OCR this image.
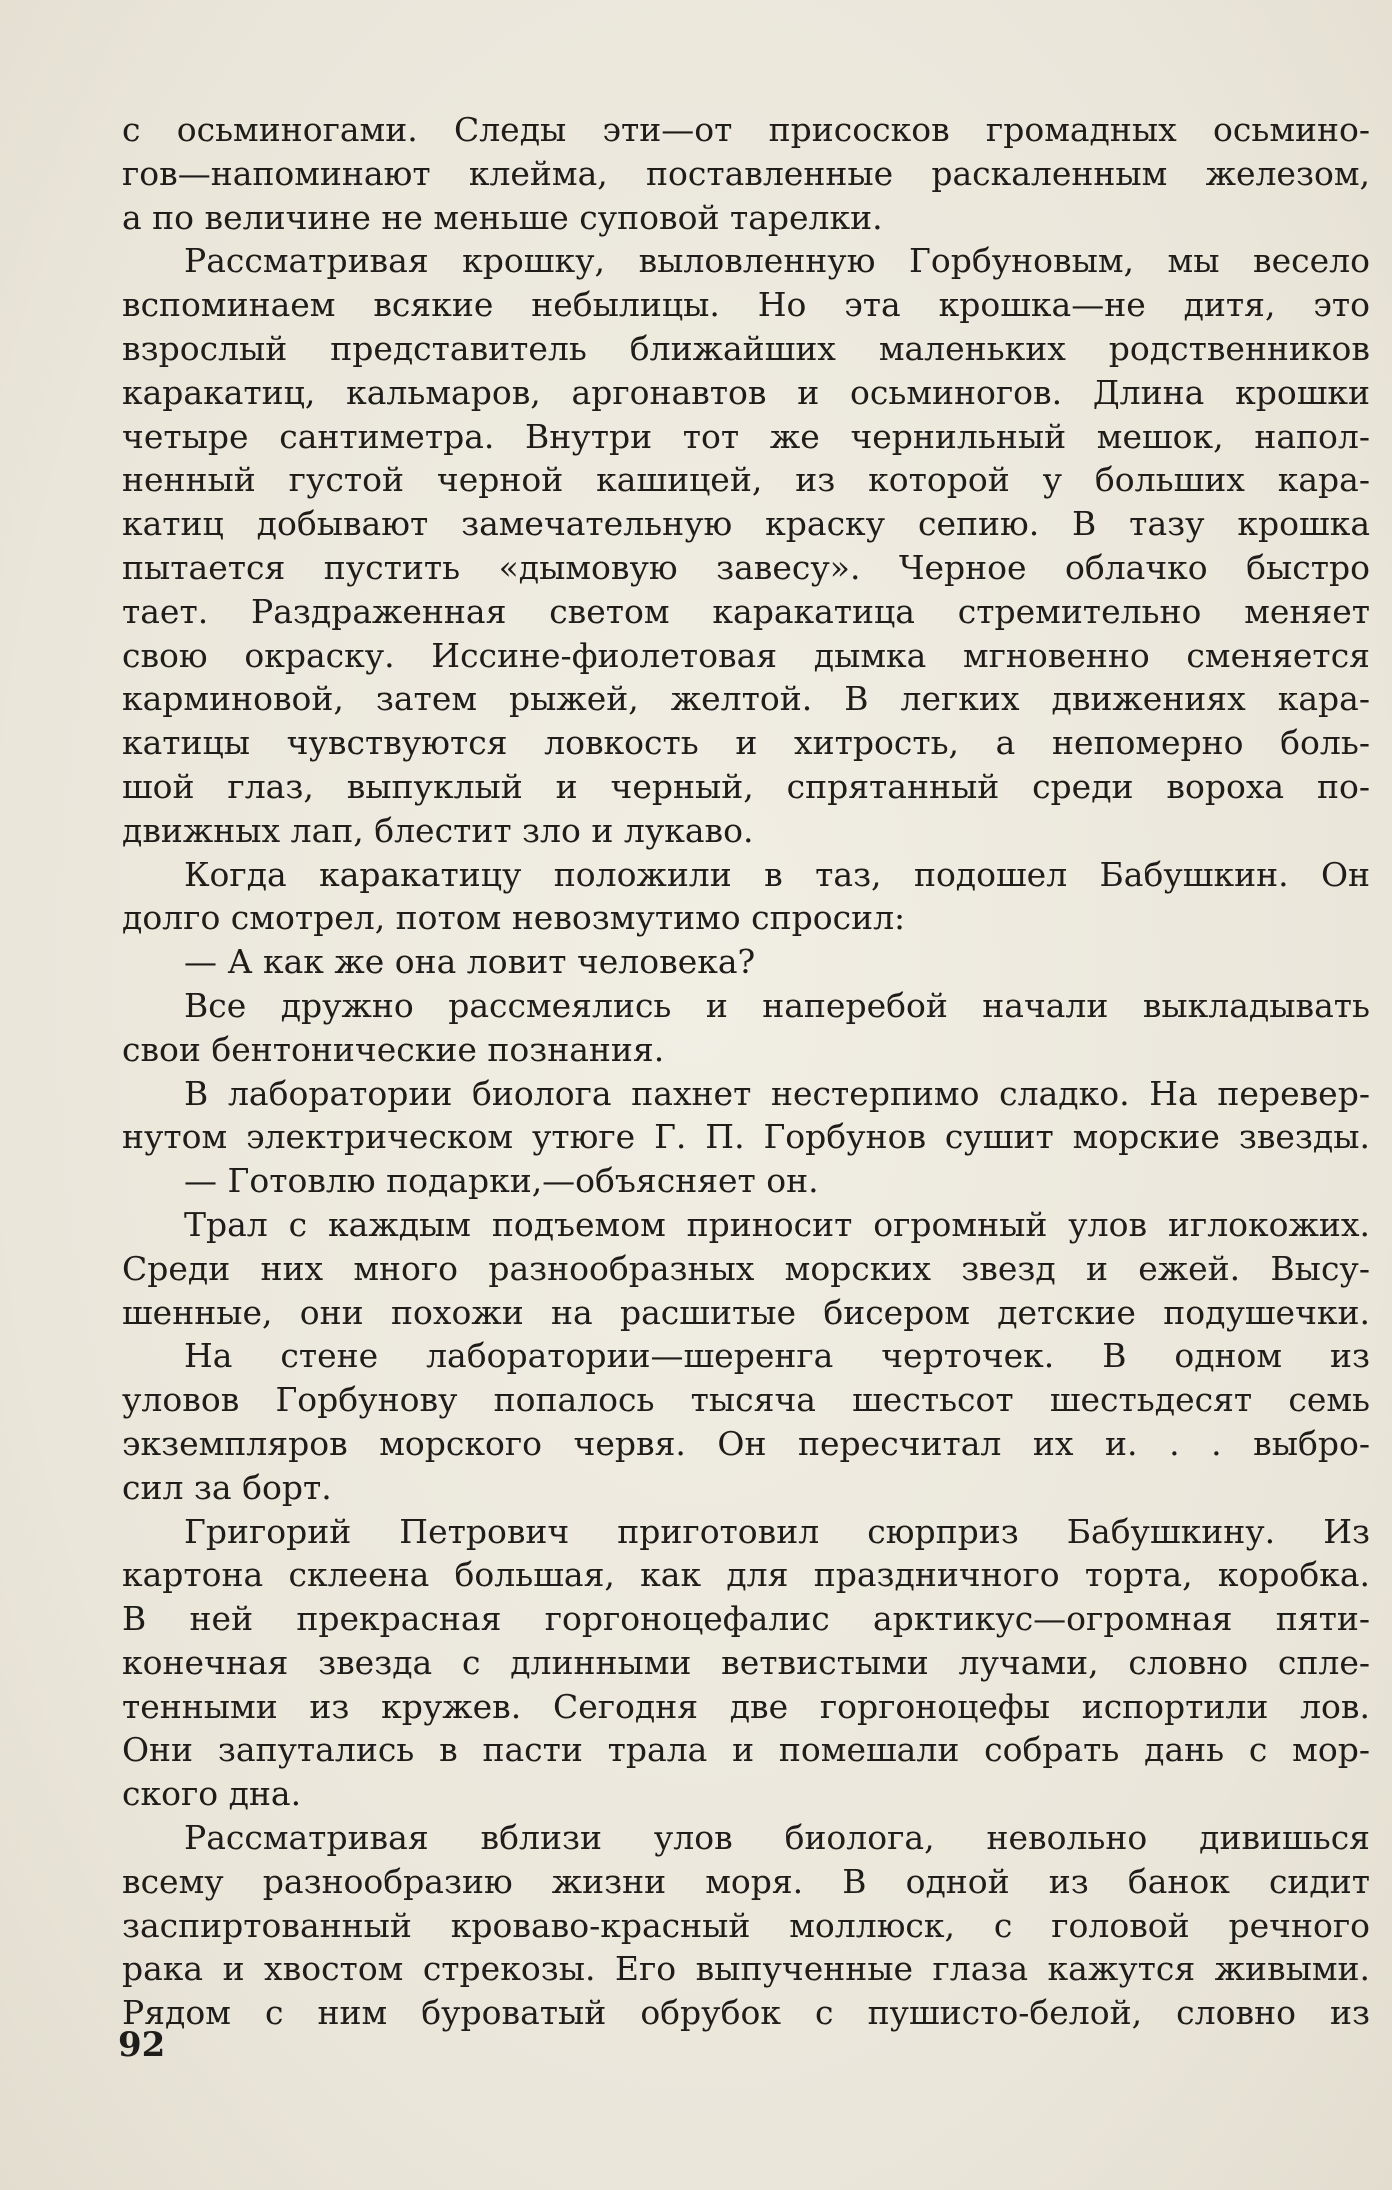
с осьминогами. Следы эти—от присосков громадных осьмино-
гов—напоминают клейма, поставленные раскаленным железом,
а по величине не меньше суповой тарелки.
Рассматривая крошку, выловленную Горбуновым, мы весело
вспоминаем всякие небылицы. Но эта крошка—не дитя, это
взрослый представитель ближайших маленьких родственников
каракатиц, кальмаров, аргонавтов и осьминогов. Длина крошки
четыре сантиметра. Внутри тот же чернильный мешок, напол-
ненный густой черной кашицей, из которой у больших кара-
катиц добывают замечательную краску сепию. В тазу крошка
пытается пустить «дымовую завесу». Черное облачко быстро
тает. Раздраженная светом каракатица стремительно меняет
свою окраску. Иссине-фиолетовая дымка мгновенно сменяется
карминовой, затем рыжей, желтой. В легких движениях кара-
катицы чувствуются ловкость и хитрость, а непомерно боль-
шой глаз, выпуклый и черный, спрятанный среди вороха по-
движных лап, блестит зло и лукаво.
Когда каракатицу положили в таз, подошел Бабушкин. Он
долго смотрел, потом невозмутимо спросил:
— А как же она ловит человека?
Все дружно рассмеялись и наперебой начали выкладывать
свои бентонические познания.
В лаборатории биолога пахнет нестерпимо сладко. На перевер-
нутом электрическом утюге Г. П. Горбунов сушит морские звезды.
— Готовлю подарки,—объясняет он.
Трал с каждым подъемом приносит огромный улов иглокожих.
Среди них много разнообразных морских звезд и ежей. Высу-
шенные, они похожи на расшитые бисером детские подушечки.
На стене лаборатории—шеренга черточек. В одном из
уловов Горбунову попалось тысяча шестьсот шестьдесят семь
экземпляров морского червя. Он пересчитал их и. . . выбро-
сил за борт.
Григорий Петрович приготовил сюрприз Бабушкину. Из
картона склеена большая, как для праздничного торта, коробка.
В ней прекрасная горгоноцефалис арктикус—огромная пяти-
конечная звезда с длинными ветвистыми лучами, словно спле-
тенными из кружев. Сегодня две горгоноцефы испортили лов.
Они запутались в пасти трала и помешали собрать дань с мор-
ского дна.
Рассматривая вблизи улов биолога, невольно дивишься
всему разнообразию жизни моря. В одной из банок сидит
заспиртованный кроваво-красный моллюск, с головой речного
рака и хвостом стрекозы. Его выпученные глаза кажутся живыми.
Рядом с ним буроватый обрубок с пушисто-белой, словно из
92
